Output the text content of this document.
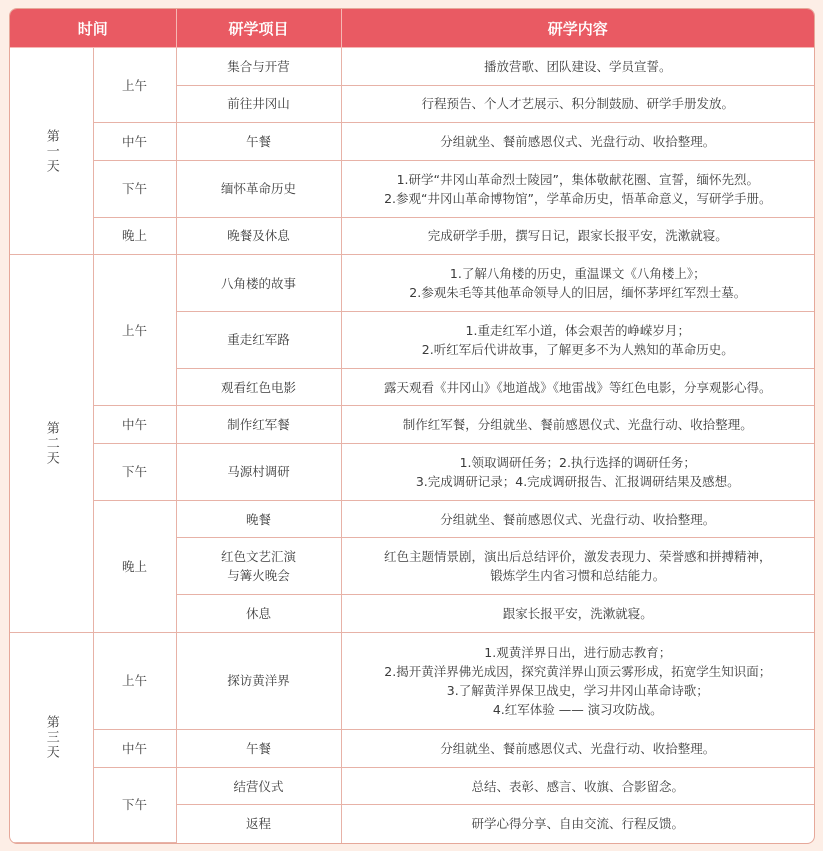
时间		研学项目	研学内容

第一天	上午	集合与开营	播放营歌、团队建设、学员宣誓。

		前往井冈山	行程预告、个人才艺展示、积分制鼓励、研学手册发放。

	中午	午餐	分组就坐、餐前感恩仪式、光盘行动、收拾整理。

	下午	缅怀革命历史	1.研学“井冈山革命烈士陵园”，集体敬献花圈、宣誓，缅怀先烈。
2.参观“井冈山革命博物馆”，学革命历史，悟革命意义，写研学手册。

	晚上	晚餐及休息	完成研学手册，撰写日记，跟家长报平安，洗漱就寝。

第二天	上午	八角楼的故事	1.了解八角楼的历史，重温课文《八角楼上》；
2.参观朱毛等其他革命领导人的旧居，缅怀茅坪红军烈士墓。

		重走红军路	1.重走红军小道，体会艰苦的峥嵘岁月；
2.听红军后代讲故事，了解更多不为人熟知的革命历史。

		观看红色电影	露天观看《井冈山》《地道战》《地雷战》等红色电影，分享观影心得。

	中午	制作红军餐	制作红军餐，分组就坐、餐前感恩仪式、光盘行动、收拾整理。

	下午	马源村调研	1.领取调研任务；2.执行选择的调研任务；
3.完成调研记录；4.完成调研报告、汇报调研结果及感想。

	晚上	晚餐	分组就坐、餐前感恩仪式、光盘行动、收拾整理。

		红色文艺汇演
与篝火晚会	红色主题情景剧，演出后总结评价，激发表现力、荣誉感和拼搏精神，
锻炼学生内省习惯和总结能力。

		休息	跟家长报平安，洗漱就寝。

第三天	上午	探访黄洋界	1.观黄洋界日出，进行励志教育；
2.揭开黄洋界佛光成因，探究黄洋界山顶云雾形成，拓宽学生知识面；
3.了解黄洋界保卫战史，学习井冈山革命诗歌；
4.红军体验 —— 演习攻防战。

	中午	午餐	分组就坐、餐前感恩仪式、光盘行动、收拾整理。

	下午	结营仪式	总结、表彰、感言、收旗、合影留念。

		返程	研学心得分享、自由交流、行程反馈。
